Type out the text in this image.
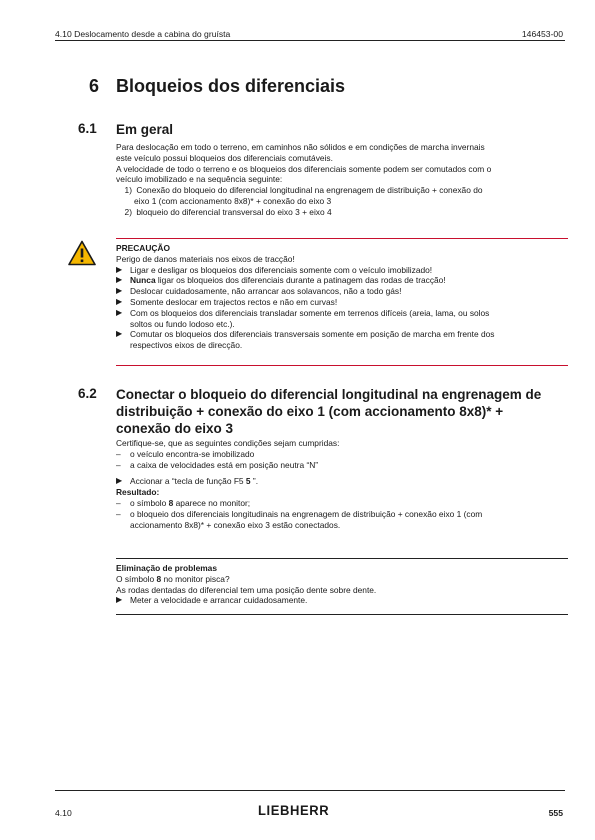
4.10 Deslocamento desde a cabina do gruísta	146453-00
6 Bloqueios dos diferenciais
6.1 Em geral
Para deslocação em todo o terreno, em caminhos não sólidos e em condições de marcha invernais
este veículo possui bloqueios dos diferenciais comutáveis.
A velocidade de todo o terreno e os bloqueios dos diferenciais somente podem ser comutados com o
veículo imobilizado e na sequência seguinte:
1) Conexão do bloqueio do diferencial longitudinal na engrenagem de distribuição + conexão do
eixo 1 (com accionamento 8x8)* + conexão do eixo 3
2) bloqueio do diferencial transversal do eixo 3 + eixo 4
PRECAUÇÃO
Perigo de danos materiais nos eixos de tracção!
▶ Ligar e desligar os bloqueios dos diferenciais somente com o veículo imobilizado!
▶ Nunca ligar os bloqueios dos diferenciais durante a patinagem das rodas de tracção!
▶ Deslocar cuidadosamente, não arrancar aos solavancos, não a todo gás!
▶ Somente deslocar em trajectos rectos e não em curvas!
▶ Com os bloqueios dos diferenciais transladar somente em terrenos difíceis (areia, lama, ou solos
soltos ou fundo lodoso etc.).
▶ Comutar os bloqueios dos diferenciais transversais somente em posição de marcha em frente dos
respectivos eixos de direcção.
6.2 Conectar o bloqueio do diferencial longitudinal na engrenagem de
distribuição + conexão do eixo 1 (com accionamento 8x8)* +
conexão do eixo 3
Certifique-se, que as seguintes condições sejam cumpridas:
–	o veículo encontra-se imobilizado
–	a caixa de velocidades está em posição neutra “N”
▶ Accionar a “tecla de função F5 5 ”.
Resultado:
–	o símbolo 8 aparece no monitor;
–	o bloqueio dos diferenciais longitudinais na engrenagem de distribuição + conexão eixo 1 (com
accionamento 8x8)* + conexão eixo 3 estão conectados.
Eliminação de problemas
O símbolo 8 no monitor pisca?
As rodas dentadas do diferencial tem uma posição dente sobre dente.
▶ Meter a velocidade e arrancar cuidadosamente.
4.10	LIEBHERR	555
